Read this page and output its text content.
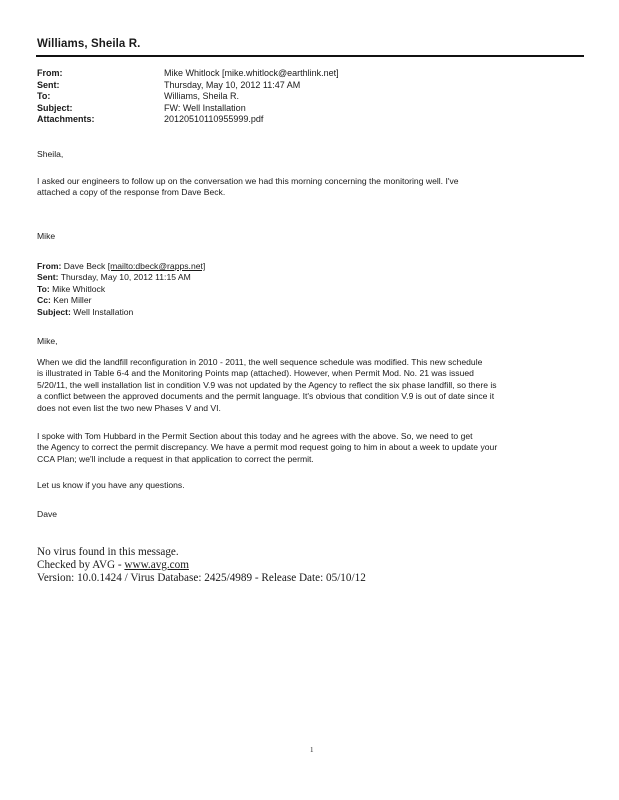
Williams, Sheila R.
From:	Mike Whitlock [mike.whitlock@earthlink.net]
Sent:	Thursday, May 10, 2012 11:47 AM
To:	Williams, Sheila R.
Subject:	FW: Well Installation
Attachments:	20120510110955999.pdf
Sheila,
I asked our engineers to follow up on the conversation we had this morning concerning the monitoring well. I've
attached a copy of the response from Dave Beck.
Mike
From: Dave Beck [mailto:dbeck@rapps.net]
Sent: Thursday, May 10, 2012 11:15 AM
To: Mike Whitlock
Cc: Ken Miller
Subject: Well Installation
Mike,
When we did the landfill reconfiguration in 2010 - 2011, the well sequence schedule was modified. This new schedule
is illustrated in Table 6-4 and the Monitoring Points map (attached). However, when Permit Mod. No. 21 was issued
5/20/11, the well installation list in condition V.9 was not updated by the Agency to reflect the six phase landfill, so there is
a conflict between the approved documents and the permit language. It's obvious that condition V.9 is out of date since it
does not even list the two new Phases V and VI.
I spoke with Tom Hubbard in the Permit Section about this today and he agrees with the above. So, we need to get
the Agency to correct the permit discrepancy. We have a permit mod request going to him in about a week to update your
CCA Plan; we'll include a request in that application to correct the permit.
Let us know if you have any questions.
Dave
No virus found in this message.
Checked by AVG - www.avg.com
Version: 10.0.1424 / Virus Database: 2425/4989 - Release Date: 05/10/12
1
